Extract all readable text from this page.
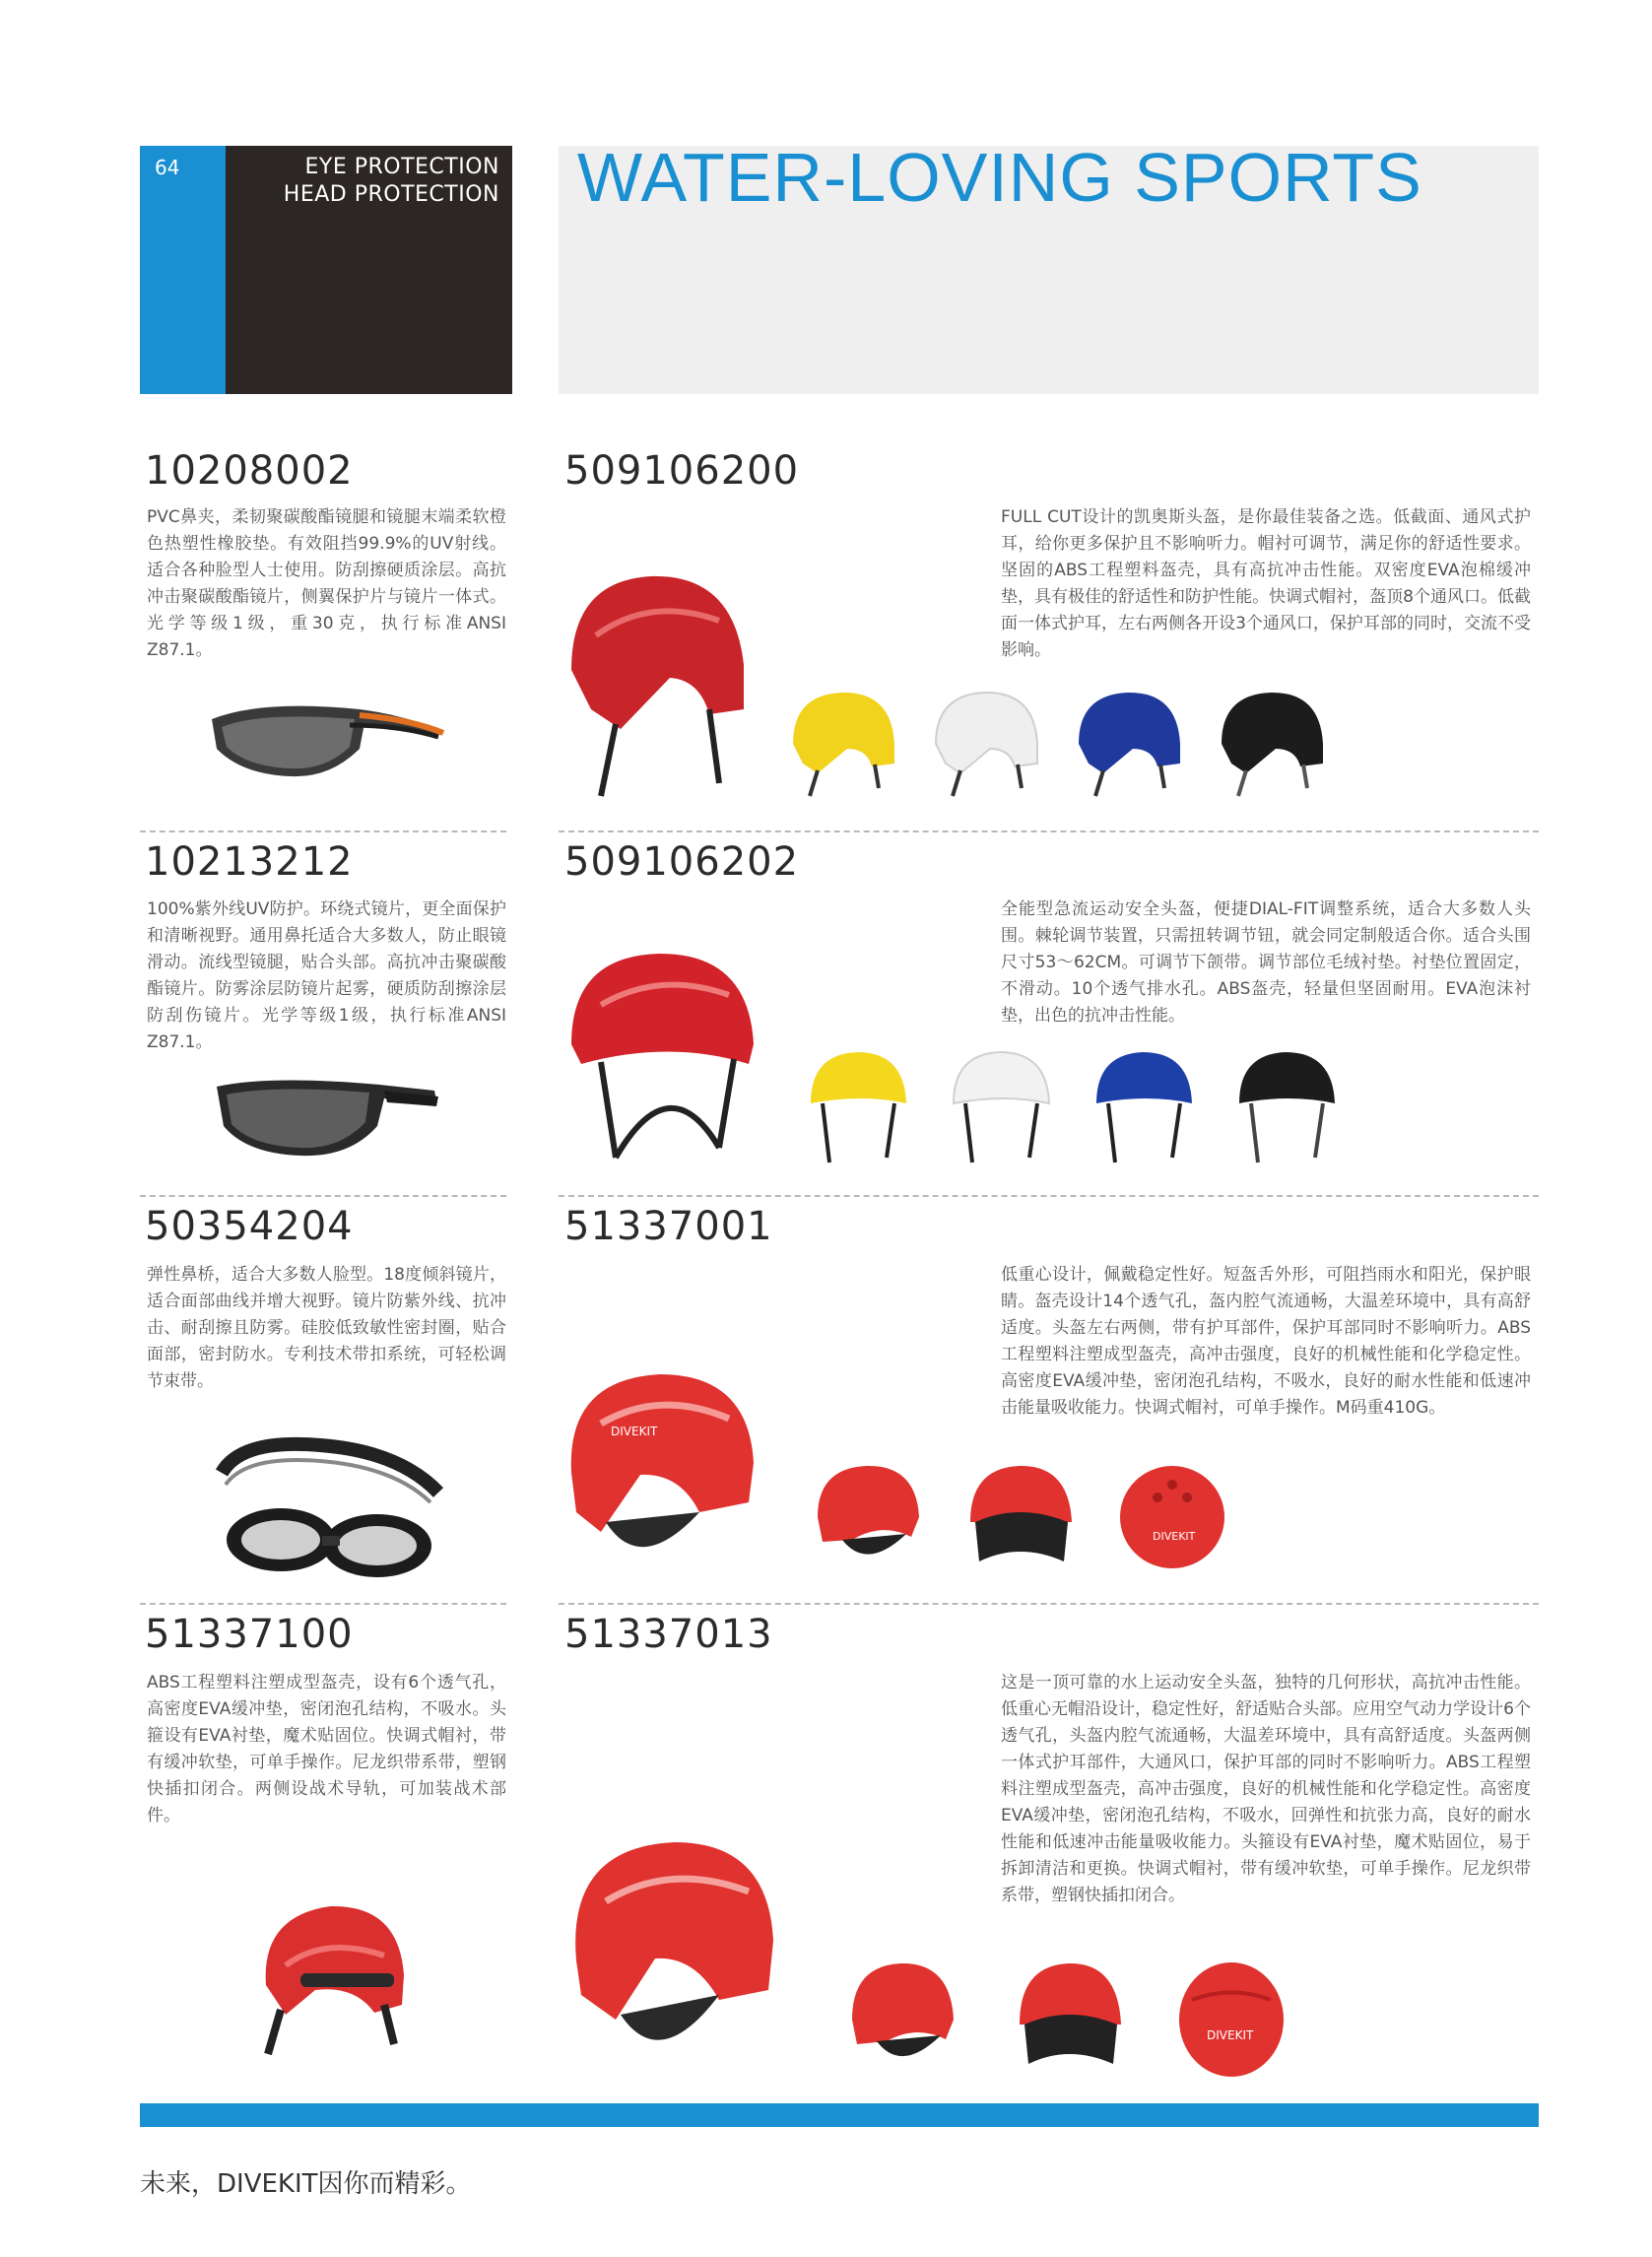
64	EYE PROTECTION
HEAD PROTECTION WATER-LOVING SPORTS
10208002
PVC鼻夹，柔韧聚碳酸酯镜腿和镜腿末端柔软橙色热塑性橡胶垫。有效阻挡99.9%的UV射线。适合各种脸型人士使用。防刮擦硬质涂层。高抗冲击聚碳酸酯镜片，侧翼保护片与镜片一体式。光学等级1级，重30克，执行标准ANSI Z87.1。
10213212
100%紫外线UV防护。环绕式镜片，更全面保护和清晰视野。通用鼻托适合大多数人，防止眼镜滑动。流线型镜腿，贴合头部。高抗冲击聚碳酸酯镜片。防雾涂层防镜片起雾，硬质防刮擦涂层防刮伤镜片。光学等级1级，执行标准ANSI Z87.1。
50354204
弹性鼻桥，适合大多数人脸型。18度倾斜镜片，适合面部曲线并增大视野。镜片防紫外线、抗冲击、耐刮擦且防雾。硅胶低致敏性密封圈，贴合面部，密封防水。专利技术带扣系统，可轻松调节束带。
51337100
ABS工程塑料注塑成型盔壳，设有6个透气孔，高密度EVA缓冲垫，密闭泡孔结构，不吸水。头箍设有EVA衬垫，魔术贴固位。快调式帽衬，带有缓冲软垫，可单手操作。尼龙织带系带，塑钢快插扣闭合。两侧设战术导轨，可加装战术部件。
509106200
FULL CUT设计的凯奥斯头盔，是你最佳装备之选。低截面、通风式护耳，给你更多保护且不影响听力。帽衬可调节，满足你的舒适性要求。坚固的ABS工程塑料盔壳，具有高抗冲击性能。双密度EVA泡棉缓冲垫，具有极佳的舒适性和防护性能。快调式帽衬，盔顶8个通风口。低截面一体式护耳，左右两侧各开设3个通风口，保护耳部的同时，交流不受影响。
509106202
全能型急流运动安全头盔，便捷DIAL-FIT调整系统，适合大多数人头围。棘轮调节装置，只需扭转调节钮，就会同定制般适合你。适合头围尺寸53～62CM。可调节下颌带。调节部位毛绒衬垫。衬垫位置固定，不滑动。10个透气排水孔。ABS盔壳，轻量但坚固耐用。EVA泡沫衬垫，出色的抗冲击性能。
51337001
低重心设计，佩戴稳定性好。短盔舌外形，可阻挡雨水和阳光，保护眼睛。盔壳设计14个透气孔，盔内腔气流通畅，大温差环境中，具有高舒适度。头盔左右两侧，带有护耳部件，保护耳部同时不影响听力。ABS工程塑料注塑成型盔壳，高冲击强度，良好的机械性能和化学稳定性。高密度EVA缓冲垫，密闭泡孔结构，不吸水，良好的耐水性能和低速冲击能量吸收能力。快调式帽衬，可单手操作。M码重410G。
DIVEKIT
DIVEKIT
51337013
这是一顶可靠的水上运动安全头盔，独特的几何形状，高抗冲击性能。低重心无帽沿设计，稳定性好，舒适贴合头部。应用空气动力学设计6个透气孔，头盔内腔气流通畅，大温差环境中，具有高舒适度。头盔两侧一体式护耳部件，大通风口，保护耳部的同时不影响听力。ABS工程塑料注塑成型盔壳，高冲击强度，良好的机械性能和化学稳定性。高密度EVA缓冲垫，密闭泡孔结构，不吸水，回弹性和抗张力高，良好的耐水性能和低速冲击能量吸收能力。头箍设有EVA衬垫，魔术贴固位，易于拆卸清洁和更换。快调式帽衬，带有缓冲软垫，可单手操作。尼龙织带系带，塑钢快插扣闭合。
DIVEKIT
未来，DIVEKIT因你而精彩。
